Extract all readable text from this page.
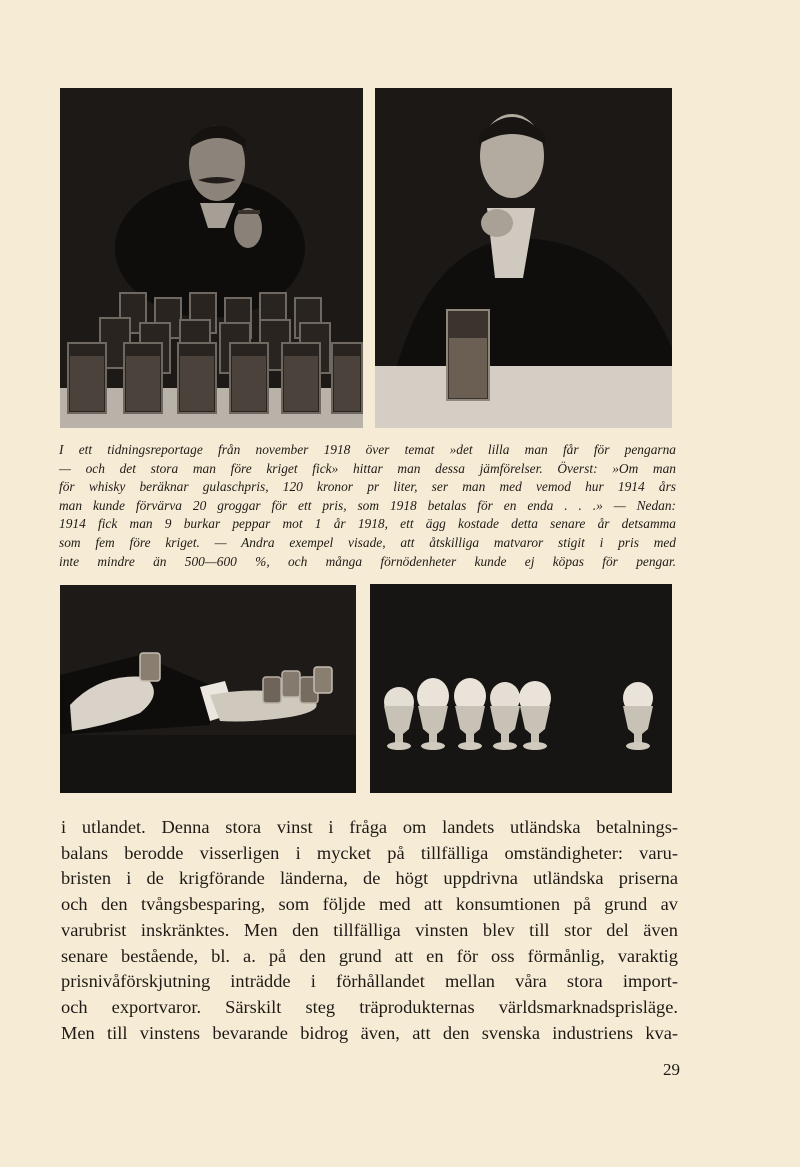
I ett tidningsreportage från november 1918 över temat »det lilla man får för pengarna
— och det stora man före kriget fick» hittar man dessa jämförelser. Överst: »Om man
för whisky beräknar gulaschpris, 120 kronor pr liter, ser man med vemod hur 1914 års
man kunde förvärva 20 groggar för ett pris, som 1918 betalas för en enda . . .» — Nedan:
1914 fick man 9 burkar peppar mot 1 år 1918, ett ägg kostade detta senare år detsamma
som fem före kriget. — Andra exempel visade, att åtskilliga matvaror stigit i pris med
inte mindre än 500—600 %, och många förnödenheter kunde ej köpas för pengar.

i utlandet. Denna stora vinst i fråga om landets utländska betalnings-
balans berodde visserligen i mycket på tillfälliga omständigheter: varu-
bristen i de krigförande länderna, de högt uppdrivna utländska priserna
och den tvångsbesparing, som följde med att konsumtionen på grund av
varubrist inskränktes. Men den tillfälliga vinsten blev till stor del även
senare bestående, bl. a. på den grund att en för oss förmånlig, varaktig
prisnivåförskjutning inträdde i förhållandet mellan våra stora import-
och exportvaror. Särskilt steg träprodukternas världsmarknadsprisläge.
Men till vinstens bevarande bidrog även, att den svenska industriens kva-

29
